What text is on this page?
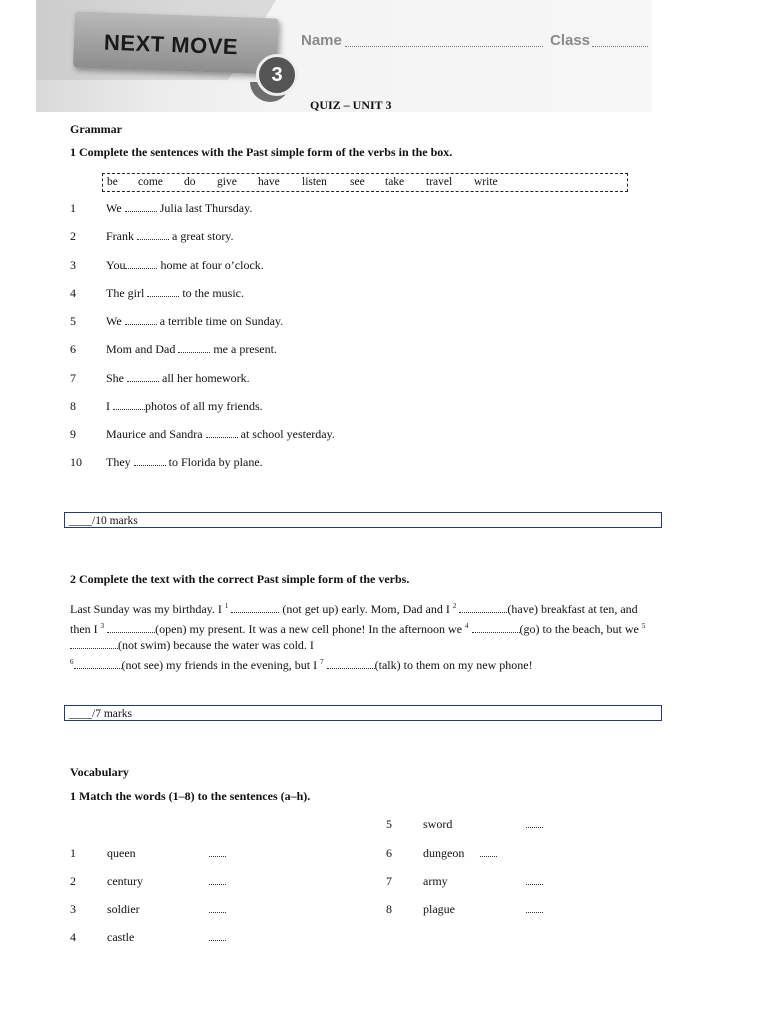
NEXT MOVE
3
Name	Class
QUIZ – UNIT 3
Grammar
1 Complete the sentences with the Past simple form of the verbs in the box.
be come do give have listen see take travel write
1	We	Julia last Thursday.
2	Frank	a great story.
3	You	home at four o’clock.
4	The girl	to the music.
5	We	a terrible time on Sunday.
6	Mom and Dad	me a present.
7	She	all her homework.
8	I	photos of all my friends.
9	Maurice and Sandra	at school yesterday.
10 They	to Florida by plane.
____/10 marks
2 Complete the text with the correct Past simple form of the verbs.
Last Sunday was my birthday. I $^1$	(not get up) early. Mom, Dad and I $^2$	(have) breakfast at ten, and then I $^3$	(open) my present. It was a new cell phone! In the afternoon we $^4$	(go) to the beach, but we $^5$ (not swim) because the water was cold. I
$^6$	(not see) my friends in the evening, but I $^7$	(talk) to them on my new phone!
____/7 marks
Vocabulary
1 Match the words (1–8) to the sentences (a–h).
1	queen
2	century
3	soldier
4	castle
5	sword
6	dungeon
7	army
8	plague
